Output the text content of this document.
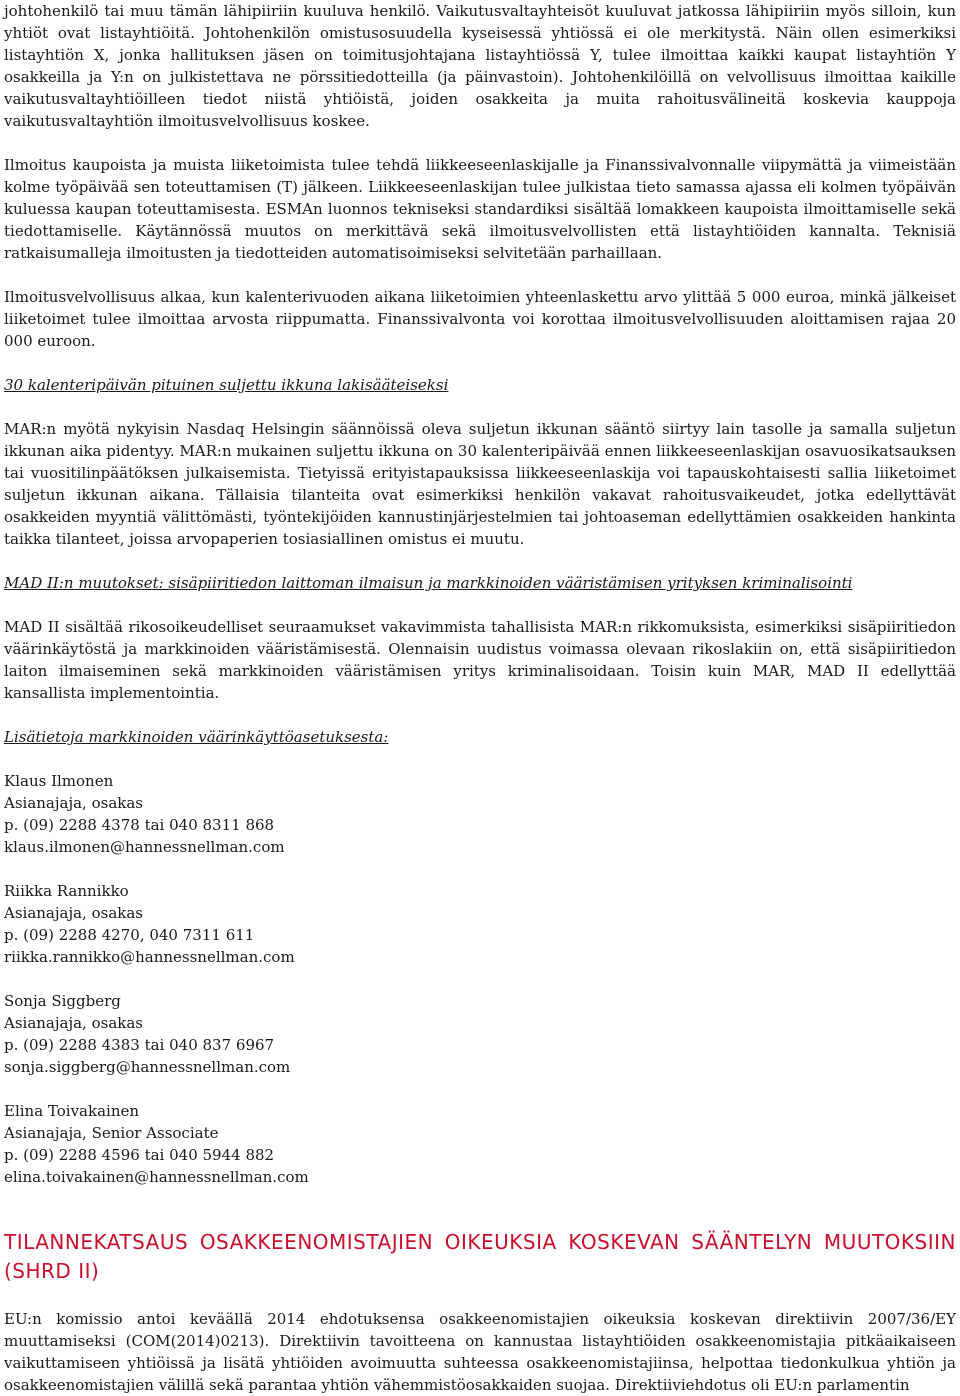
johtohenkilö tai muu tämän lähipiiriin kuuluva henkilö. Vaikutusvaltayhteisöt kuuluvat jatkossa lähipiiriin myös silloin, kun yhtiöt ovat listayhtiöitä. Johtohenkilön omistusosuudella kyseisessä yhtiössä ei ole merkitystä. Näin ollen esimerkiksi listayhtiön X, jonka hallituksen jäsen on toimitusjohtajana listayhtiössä Y, tulee ilmoittaa kaikki kaupat listayhtiön Y osakkeilla ja Y:n on julkistettava ne pörssitiedotteilla (ja päinvastoin). Johtohenkilöillä on velvollisuus ilmoittaa kaikille vaikutusvaltayhtiöilleen tiedot niistä yhtiöistä, joiden osakkeita ja muita rahoitusvälineitä koskevia kauppoja vaikutusvaltayhtiön ilmoitusvelvollisuus koskee.

Ilmoitus kaupoista ja muista liiketoimista tulee tehdä liikkeeseenlaskijalle ja Finanssivalvonnalle viipymättä ja viimeistään kolme työpäivää sen toteuttamisen (T) jälkeen. Liikkeeseenlaskijan tulee julkistaa tieto samassa ajassa eli kolmen työpäivän kuluessa kaupan toteuttamisesta. ESMAn luonnos tekniseksi standardiksi sisältää lomakkeen kaupoista ilmoittamiselle sekä tiedottamiselle. Käytännössä muutos on merkittävä sekä ilmoitusvelvollisten että listayhtiöiden kannalta. Teknisiä ratkaisumalleja ilmoitusten ja tiedotteiden automatisoimiseksi selvitetään parhaillaan.

Ilmoitusvelvollisuus alkaa, kun kalenterivuoden aikana liiketoimien yhteenlaskettu arvo ylittää 5 000 euroa, minkä jälkeiset liiketoimet tulee ilmoittaa arvosta riippumatta. Finanssivalvonta voi korottaa ilmoitusvelvollisuuden aloittamisen rajaa 20 000 euroon.

30 kalenteripäivän pituinen suljettu ikkuna lakisääteiseksi

MAR:n myötä nykyisin Nasdaq Helsingin säännöissä oleva suljetun ikkunan sääntö siirtyy lain tasolle ja samalla suljetun ikkunan aika pidentyy. MAR:n mukainen suljettu ikkuna on 30 kalenteripäivää ennen liikkeeseenlaskijan osavuosikatsauksen tai vuositilinpäätöksen julkaisemista. Tietyissä erityistapauksissa liikkeeseenlaskija voi tapauskohtaisesti sallia liiketoimet suljetun ikkunan aikana. Tällaisia tilanteita ovat esimerkiksi henkilön vakavat rahoitusvaikeudet, jotka edellyttävät osakkeiden myyntiä välittömästi, työntekijöiden kannustinjärjestelmien tai johtoaseman edellyttämien osakkeiden hankinta taikka tilanteet, joissa arvopaperien tosiasiallinen omistus ei muutu.

MAD II:n muutokset: sisäpiiritiedon laittoman ilmaisun ja markkinoiden vääristämisen yrityksen kriminalisointi

MAD II sisältää rikosoikeudelliset seuraamukset vakavimmista tahallisista MAR:n rikkomuksista, esimerkiksi sisäpiiritiedon väärinkäytöstä ja markkinoiden vääristämisestä. Olennaisin uudistus voimassa olevaan rikoslakiin on, että sisäpiiritiedon laiton ilmaiseminen sekä markkinoiden vääristämisen yritys kriminalisoidaan. Toisin kuin MAR, MAD II edellyttää kansallista implementointia.

Lisätietoja markkinoiden väärinkäyttöasetuksesta:

Klaus Ilmonen
Asianajaja, osakas
p. (09) 2288 4378 tai 040 8311 868
klaus.ilmonen@hannessnellman.com
Riikka Rannikko
Asianajaja, osakas
p. (09) 2288 4270, 040 7311 611
riikka.rannikko@hannessnellman.com
Sonja Siggberg
Asianajaja, osakas
p. (09) 2288 4383 tai 040 837 6967
sonja.siggberg@hannessnellman.com
Elina Toivakainen
Asianajaja, Senior Associate
p. (09) 2288 4596 tai 040 5944 882
elina.toivakainen@hannessnellman.com

TILANNEKATSAUS OSAKKEENOMISTAJIEN OIKEUKSIA KOSKEVAN SÄÄNTELYN MUUTOKSIIN (SHRD II)

EU:n komissio antoi keväällä 2014 ehdotuksensa osakkeenomistajien oikeuksia koskevan direktiivin 2007/36/EY muuttamiseksi (COM(2014)0213). Direktiivin tavoitteena on kannustaa listayhtiöiden osakkeenomistajia pitkäaikaiseen vaikuttamiseen yhtiöissä ja lisätä yhtiöiden avoimuutta suhteessa osakkeenomistajiinsa, helpottaa tiedonkulkua yhtiön ja osakkeenomistajien välillä sekä parantaa yhtiön vähemmistöosakkaiden suojaa. Direktiiviehdotus oli EU:n parlamentin
